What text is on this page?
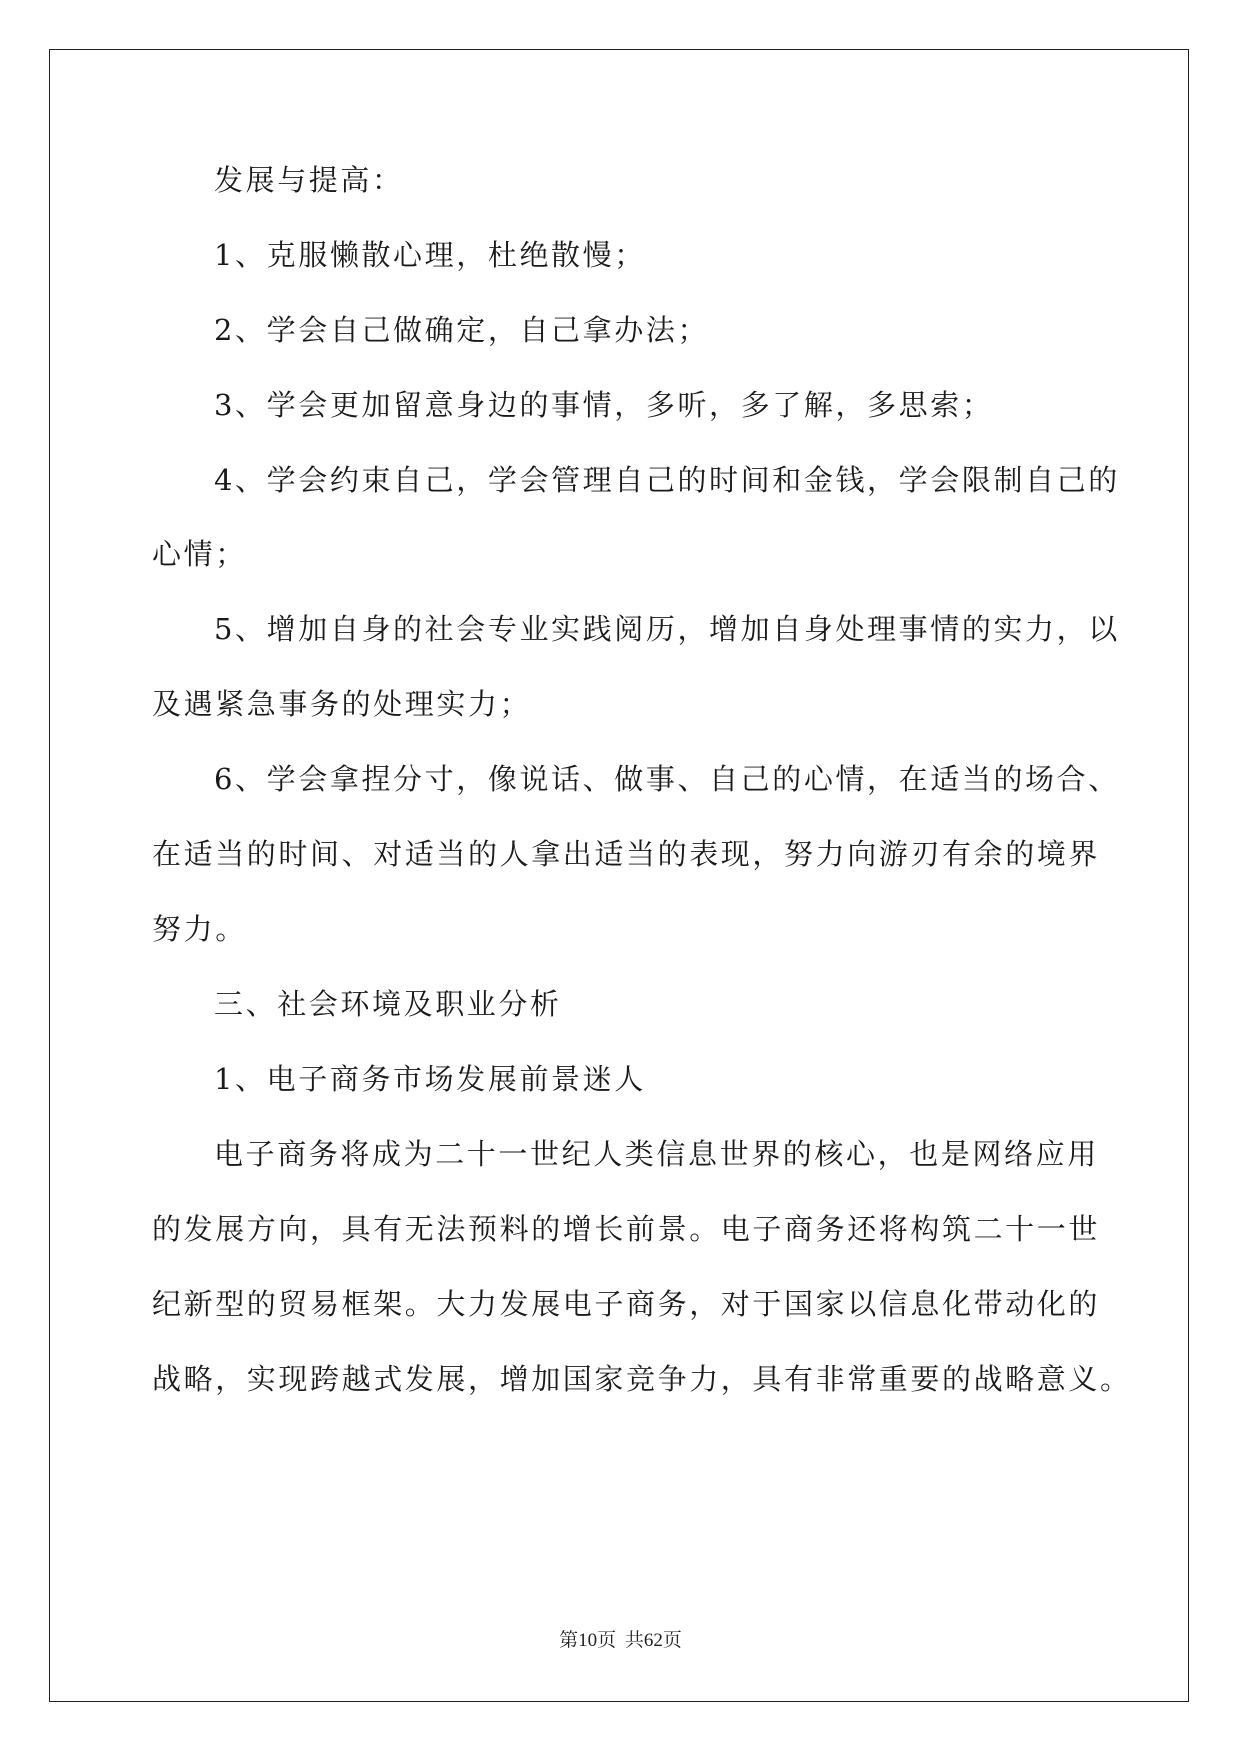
发展与提高：
1、克服懒散心理，杜绝散慢；
2、学会自己做确定，自己拿办法；
3、学会更加留意身边的事情，多听，多了解，多思索；
4、学会约束自己，学会管理自己的时间和金钱，学会限制自己的
心情；
5、增加自身的社会专业实践阅历，增加自身处理事情的实力，以
及遇紧急事务的处理实力；
6、学会拿捏分寸，像说话、做事、自己的心情，在适当的场合、
在适当的时间、对适当的人拿出适当的表现，努力向游刃有余的境界
努力。
三、社会环境及职业分析
1、电子商务市场发展前景迷人
电子商务将成为二十一世纪人类信息世界的核心，也是网络应用
的发展方向，具有无法预料的增长前景。电子商务还将构筑二十一世
纪新型的贸易框架。大力发展电子商务，对于国家以信息化带动化的
战略，实现跨越式发展，增加国家竞争力，具有非常重要的战略意义。
第10页 共62页
